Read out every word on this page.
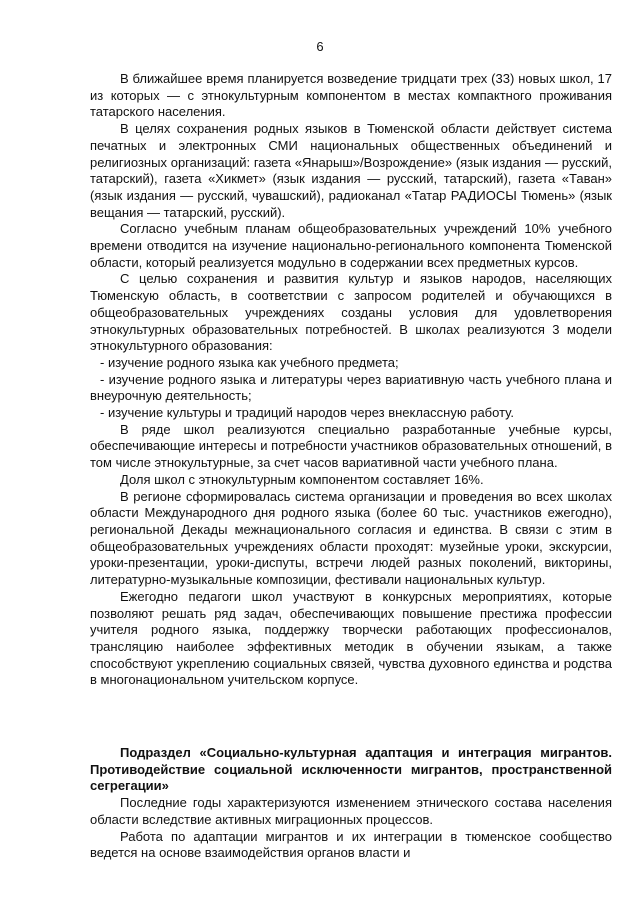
6

В ближайшее время планируется возведение тридцати трех (33) новых школ, 17 из которых — с этнокультурным компонентом в местах компактного проживания татарского населения.

В целях сохранения родных языков в Тюменской области действует система печатных и электронных СМИ национальных общественных объединений и религиозных организаций: газета «Янарыш»/Возрождение» (язык издания — русский, татарский), газета «Хикмет» (язык издания — русский, татарский), газета «Таван» (язык издания — русский, чувашский), радиоканал «Татар РАДИОСЫ Тюмень» (язык вещания — татарский, русский).

Согласно учебным планам общеобразовательных учреждений 10% учебного времени отводится на изучение национально-регионального компонента Тюменской области, который реализуется модульно в содержании всех предметных курсов.

С целью сохранения и развития культур и языков народов, населяющих Тюменскую область, в соответствии с запросом родителей и обучающихся в общеобразовательных учреждениях созданы условия для удовлетворения этнокультурных образовательных потребностей. В школах реализуются 3 модели этнокультурного образования:

- изучение родного языка как учебного предмета;

- изучение родного языка и литературы через вариативную часть учебного плана и внеурочную деятельность;

- изучение культуры и традиций народов через внеклассную работу.

В ряде школ реализуются специально разработанные учебные курсы, обеспечивающие интересы и потребности участников образовательных отношений, в том числе этнокультурные, за счет часов вариативной части учебного плана.

Доля школ с этнокультурным компонентом составляет 16%.

В регионе сформировалась система организации и проведения во всех школах области Международного дня родного языка (более 60 тыс. участников ежегодно), региональной Декады межнационального согласия и единства. В связи с этим в общеобразовательных учреждениях области проходят: музейные уроки, экскурсии, уроки-презентации, уроки-диспуты, встречи людей разных поколений, викторины, литературно-музыкальные композиции, фестивали национальных культур.

Ежегодно педагоги школ участвуют в конкурсных мероприятиях, которые позволяют решать ряд задач, обеспечивающих повышение престижа профессии учителя родного языка, поддержку творчески работающих профессионалов, трансляцию наиболее эффективных методик в обучении языкам, а также способствуют укреплению социальных связей, чувства духовного единства и родства в многонациональном учительском корпусе.

Подраздел «Социально-культурная адаптация и интеграция мигрантов. Противодействие социальной исключенности мигрантов, пространственной сегрегации»

Последние годы характеризуются изменением этнического состава населения области вследствие активных миграционных процессов.

Работа по адаптации мигрантов и их интеграции в тюменское сообщество ведется на основе взаимодействия органов власти и
